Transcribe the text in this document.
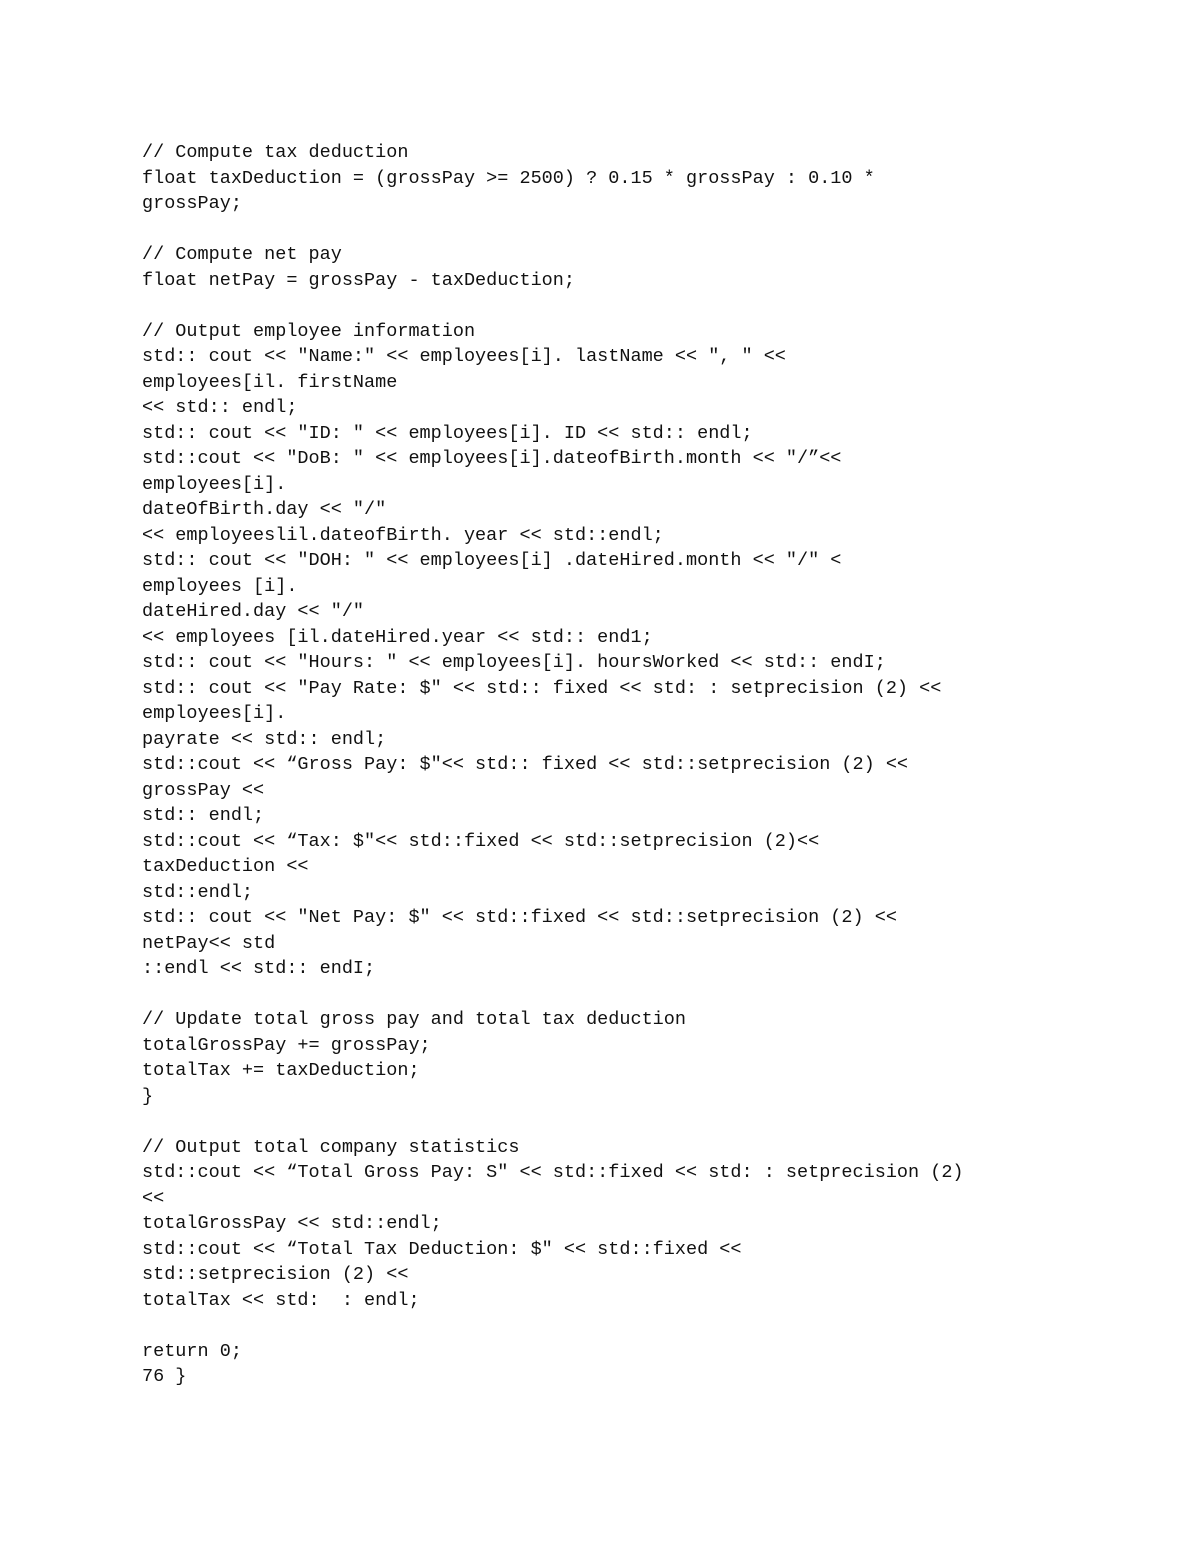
// Compute tax deduction
float taxDeduction = (grossPay >= 2500) ? 0.15 * grossPay : 0.10 *
grossPay;
// Compute net pay
float netPay = grossPay - taxDeduction;
// Output employee information
std:: cout << "Name:" << employees[i]. lastName << ", " <<
employees[il. firstName
<< std:: endl;
std:: cout << "ID: " << employees[i]. ID << std:: endl;
std::cout << "DoB: " << employees[i].dateofBirth.month << "/”<<
employees[i].
dateOfBirth.day << "/"
<< employeeslil.dateofBirth. year << std::endl;
std:: cout << "DOH: " << employees[i] .dateHired.month << "/" <
employees [i].
dateHired.day << "/"
<< employees [il.dateHired.year << std:: end1;
std:: cout << "Hours: " << employees[i]. hoursWorked << std:: endI;
std:: cout << "Pay Rate: $" << std:: fixed << std: : setprecision (2) <<
employees[i].
payrate << std:: endl;
std::cout << “Gross Pay: $"<< std:: fixed << std::setprecision (2) <<
grossPay <<
std:: endl;
std::cout << “Tax: $"<< std::fixed << std::setprecision (2)<<
taxDeduction <<
std::endl;
std:: cout << "Net Pay: $" << std::fixed << std::setprecision (2) <<
netPay<< std
::endl << std:: endI;
// Update total gross pay and total tax deduction
totalGrossPay += grossPay;
totalTax += taxDeduction;
}
// Output total company statistics
std::cout << “Total Gross Pay: S" << std::fixed << std: : setprecision (2)
<<
totalGrossPay << std::endl;
std::cout << “Total Tax Deduction: $" << std::fixed <<
std::setprecision (2) <<
totalTax << std:  : endl;
return 0;
76 }
